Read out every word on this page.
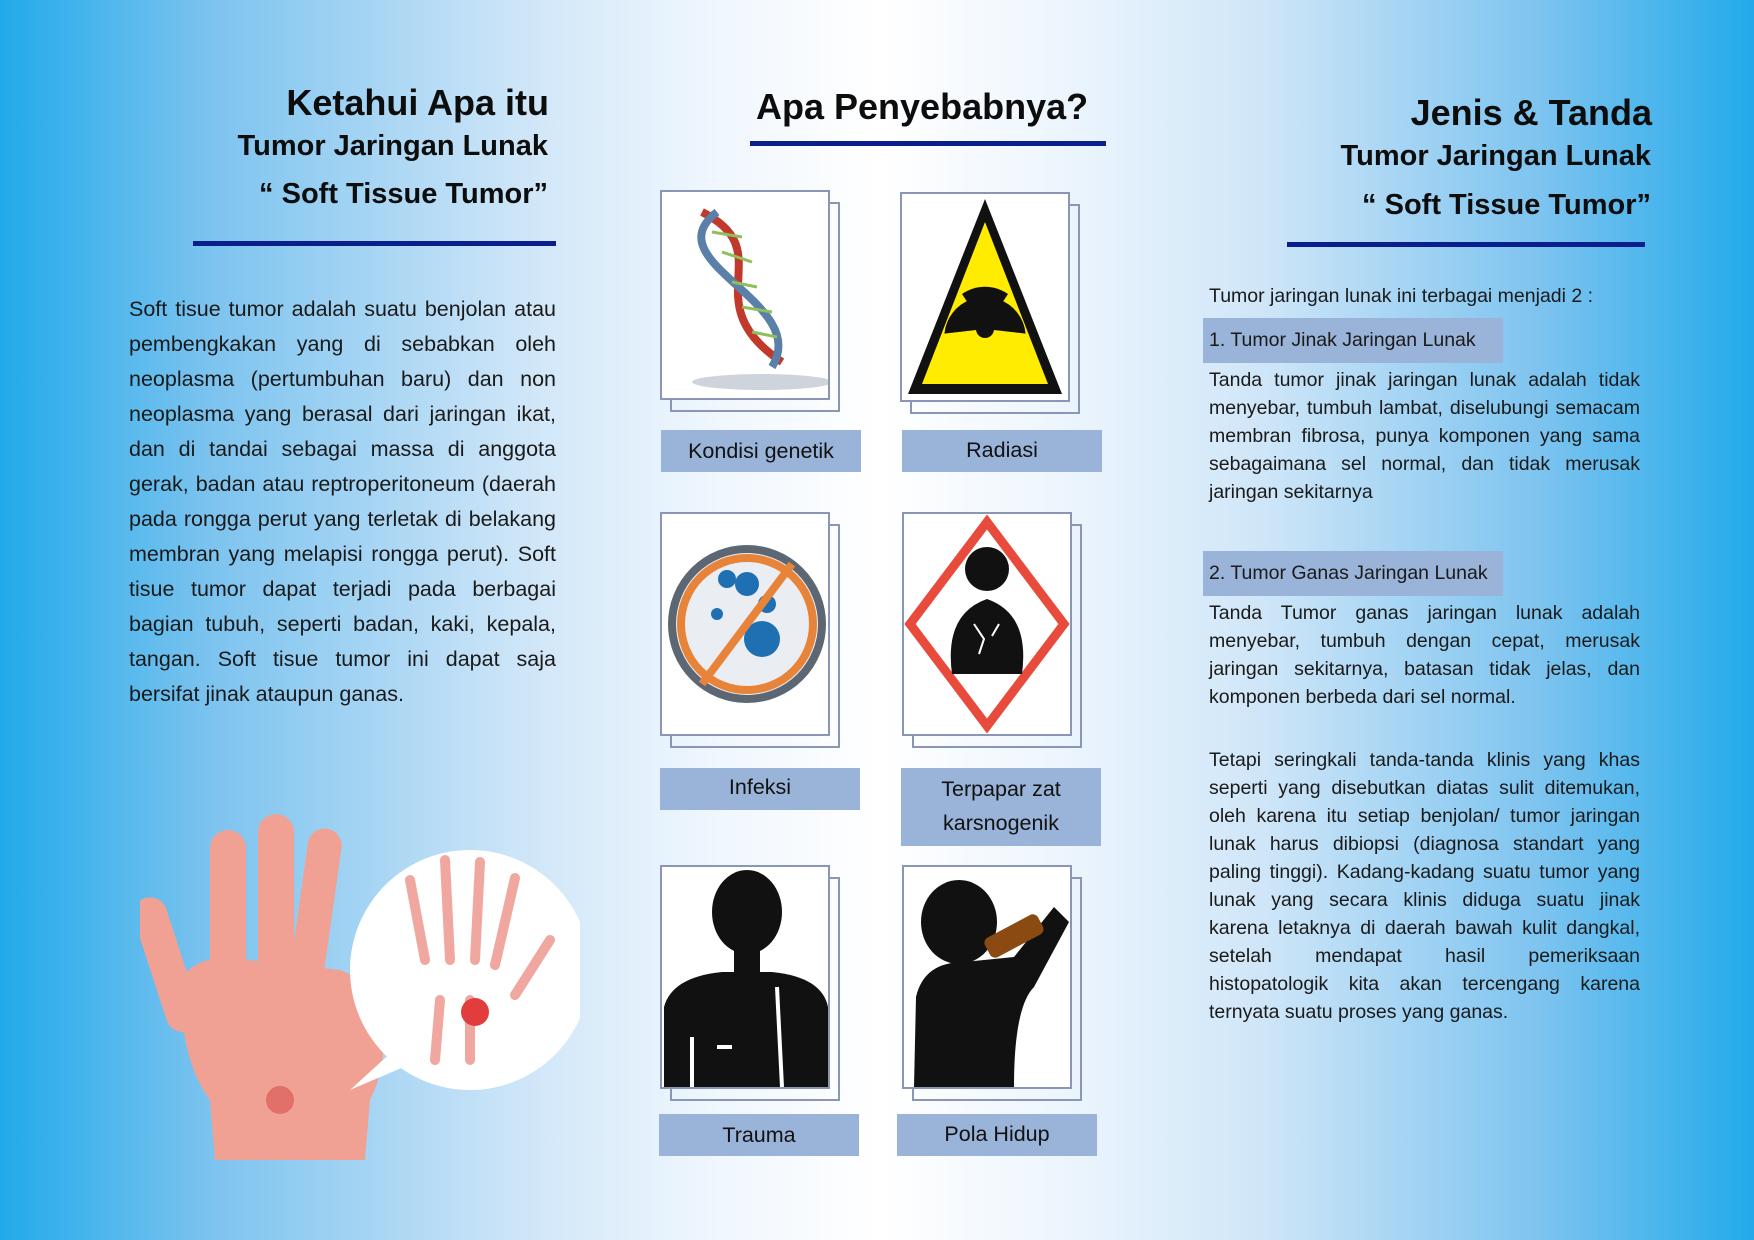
Ketahui Apa itu
Tumor Jaringan Lunak
“ Soft Tissue Tumor”
Soft tisue tumor adalah suatu benjolan atau pembengkakan yang di sebabkan oleh neoplasma (pertumbuhan baru) dan non neoplasma yang berasal dari jaringan ikat, dan di tandai sebagai massa di anggota gerak, badan atau reptroperitoneum (daerah pada rongga perut yang terletak di belakang membran yang melapisi rongga perut). Soft tisue tumor dapat terjadi pada berbagai bagian tubuh, seperti badan, kaki, kepala, tangan. Soft tisue tumor ini dapat saja bersifat jinak ataupun ganas.
Apa Penyebabnya?
Kondisi genetik	Radiasi
Infeksi	Terpapar zat karsnogenik
Trauma	Pola Hidup
Jenis & Tanda
Tumor Jaringan Lunak
“ Soft Tissue Tumor”
Tumor jaringan lunak ini terbagai menjadi 2 :
1. Tumor Jinak Jaringan Lunak
Tanda tumor jinak jaringan lunak adalah tidak menyebar, tumbuh lambat, diselubungi semacam membran fibrosa, punya komponen yang sama sebagaimana sel normal, dan tidak merusak jaringan sekitarnya
2. Tumor Ganas Jaringan Lunak
Tanda Tumor ganas jaringan lunak adalah menyebar, tumbuh dengan cepat, merusak jaringan sekitarnya, batasan tidak jelas, dan komponen berbeda dari sel normal.
Tetapi seringkali tanda-tanda klinis yang khas seperti yang disebutkan diatas sulit ditemukan, oleh karena itu setiap benjolan/ tumor jaringan lunak harus dibiopsi (diagnosa standart yang paling tinggi). Kadang-kadang suatu tumor yang lunak yang secara klinis diduga suatu jinak karena letaknya di daerah bawah kulit dangkal, setelah mendapat hasil pemeriksaan histopatologik kita akan tercengang karena ternyata suatu proses yang ganas.
